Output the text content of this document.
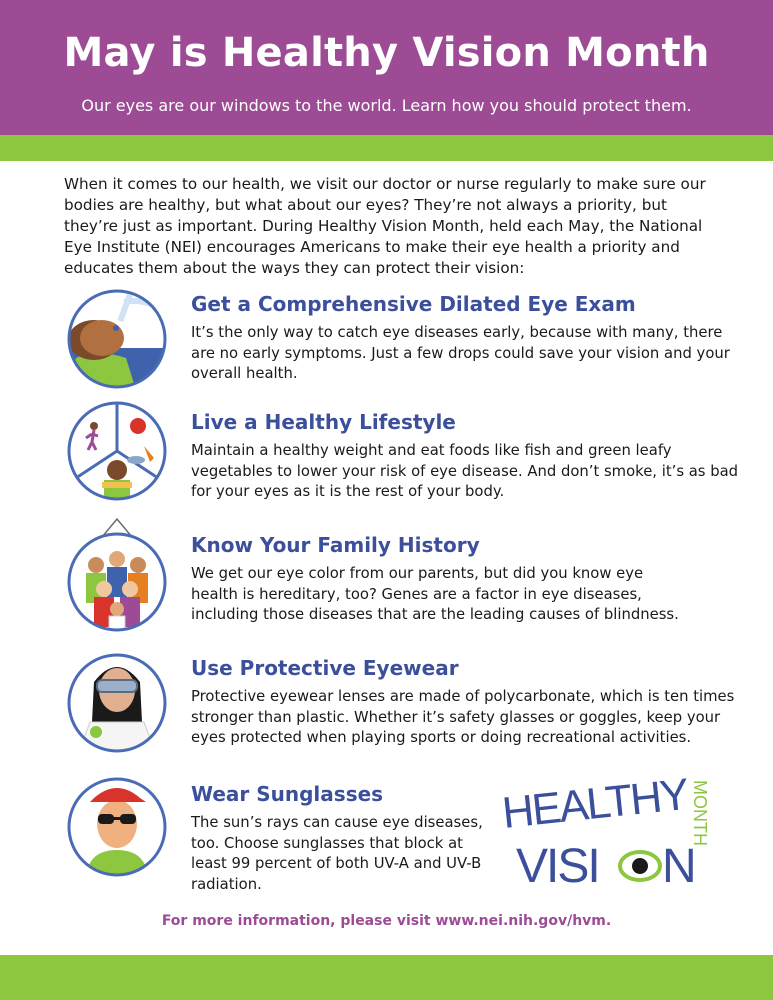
May is Healthy Vision Month

Our eyes are our windows to the world. Learn how you should protect them.

When it comes to our health, we visit our doctor or nurse regularly to make sure our bodies are healthy, but what about our eyes? They’re not always a priority, but they’re just as important. During Healthy Vision Month, held each May, the National Eye Institute (NEI) encourages Americans to make their eye health a priority and educates them about the ways they can protect their vision:

Get a Comprehensive Dilated Eye Exam
It’s the only way to catch eye diseases early, because with many, there
are no early symptoms. Just a few drops could save your vision and your
overall health.
Live a Healthy Lifestyle
Maintain a healthy weight and eat foods like fish and green leafy
vegetables to lower your risk of eye disease. And don’t smoke, it’s as bad
for your eyes as it is the rest of your body.
Know Your Family History
We get our eye color from our parents, but did you know eye
health is hereditary, too? Genes are a factor in eye diseases,
including those diseases that are the leading causes of blindness.
Use Protective Eyewear
Protective eyewear lenses are made of polycarbonate, which is ten times
stronger than plastic. Whether it’s safety glasses or goggles, keep your
eyes protected when playing sports or doing recreational activities.
Wear Sunglasses
The sun’s rays can cause eye diseases,
too. Choose sunglasses that block at
least 99 percent of both UV-A and UV-B
radiation.
HEALTHY
VISI N
MONTH

For more information, please visit www.nei.nih.gov/hvm.
